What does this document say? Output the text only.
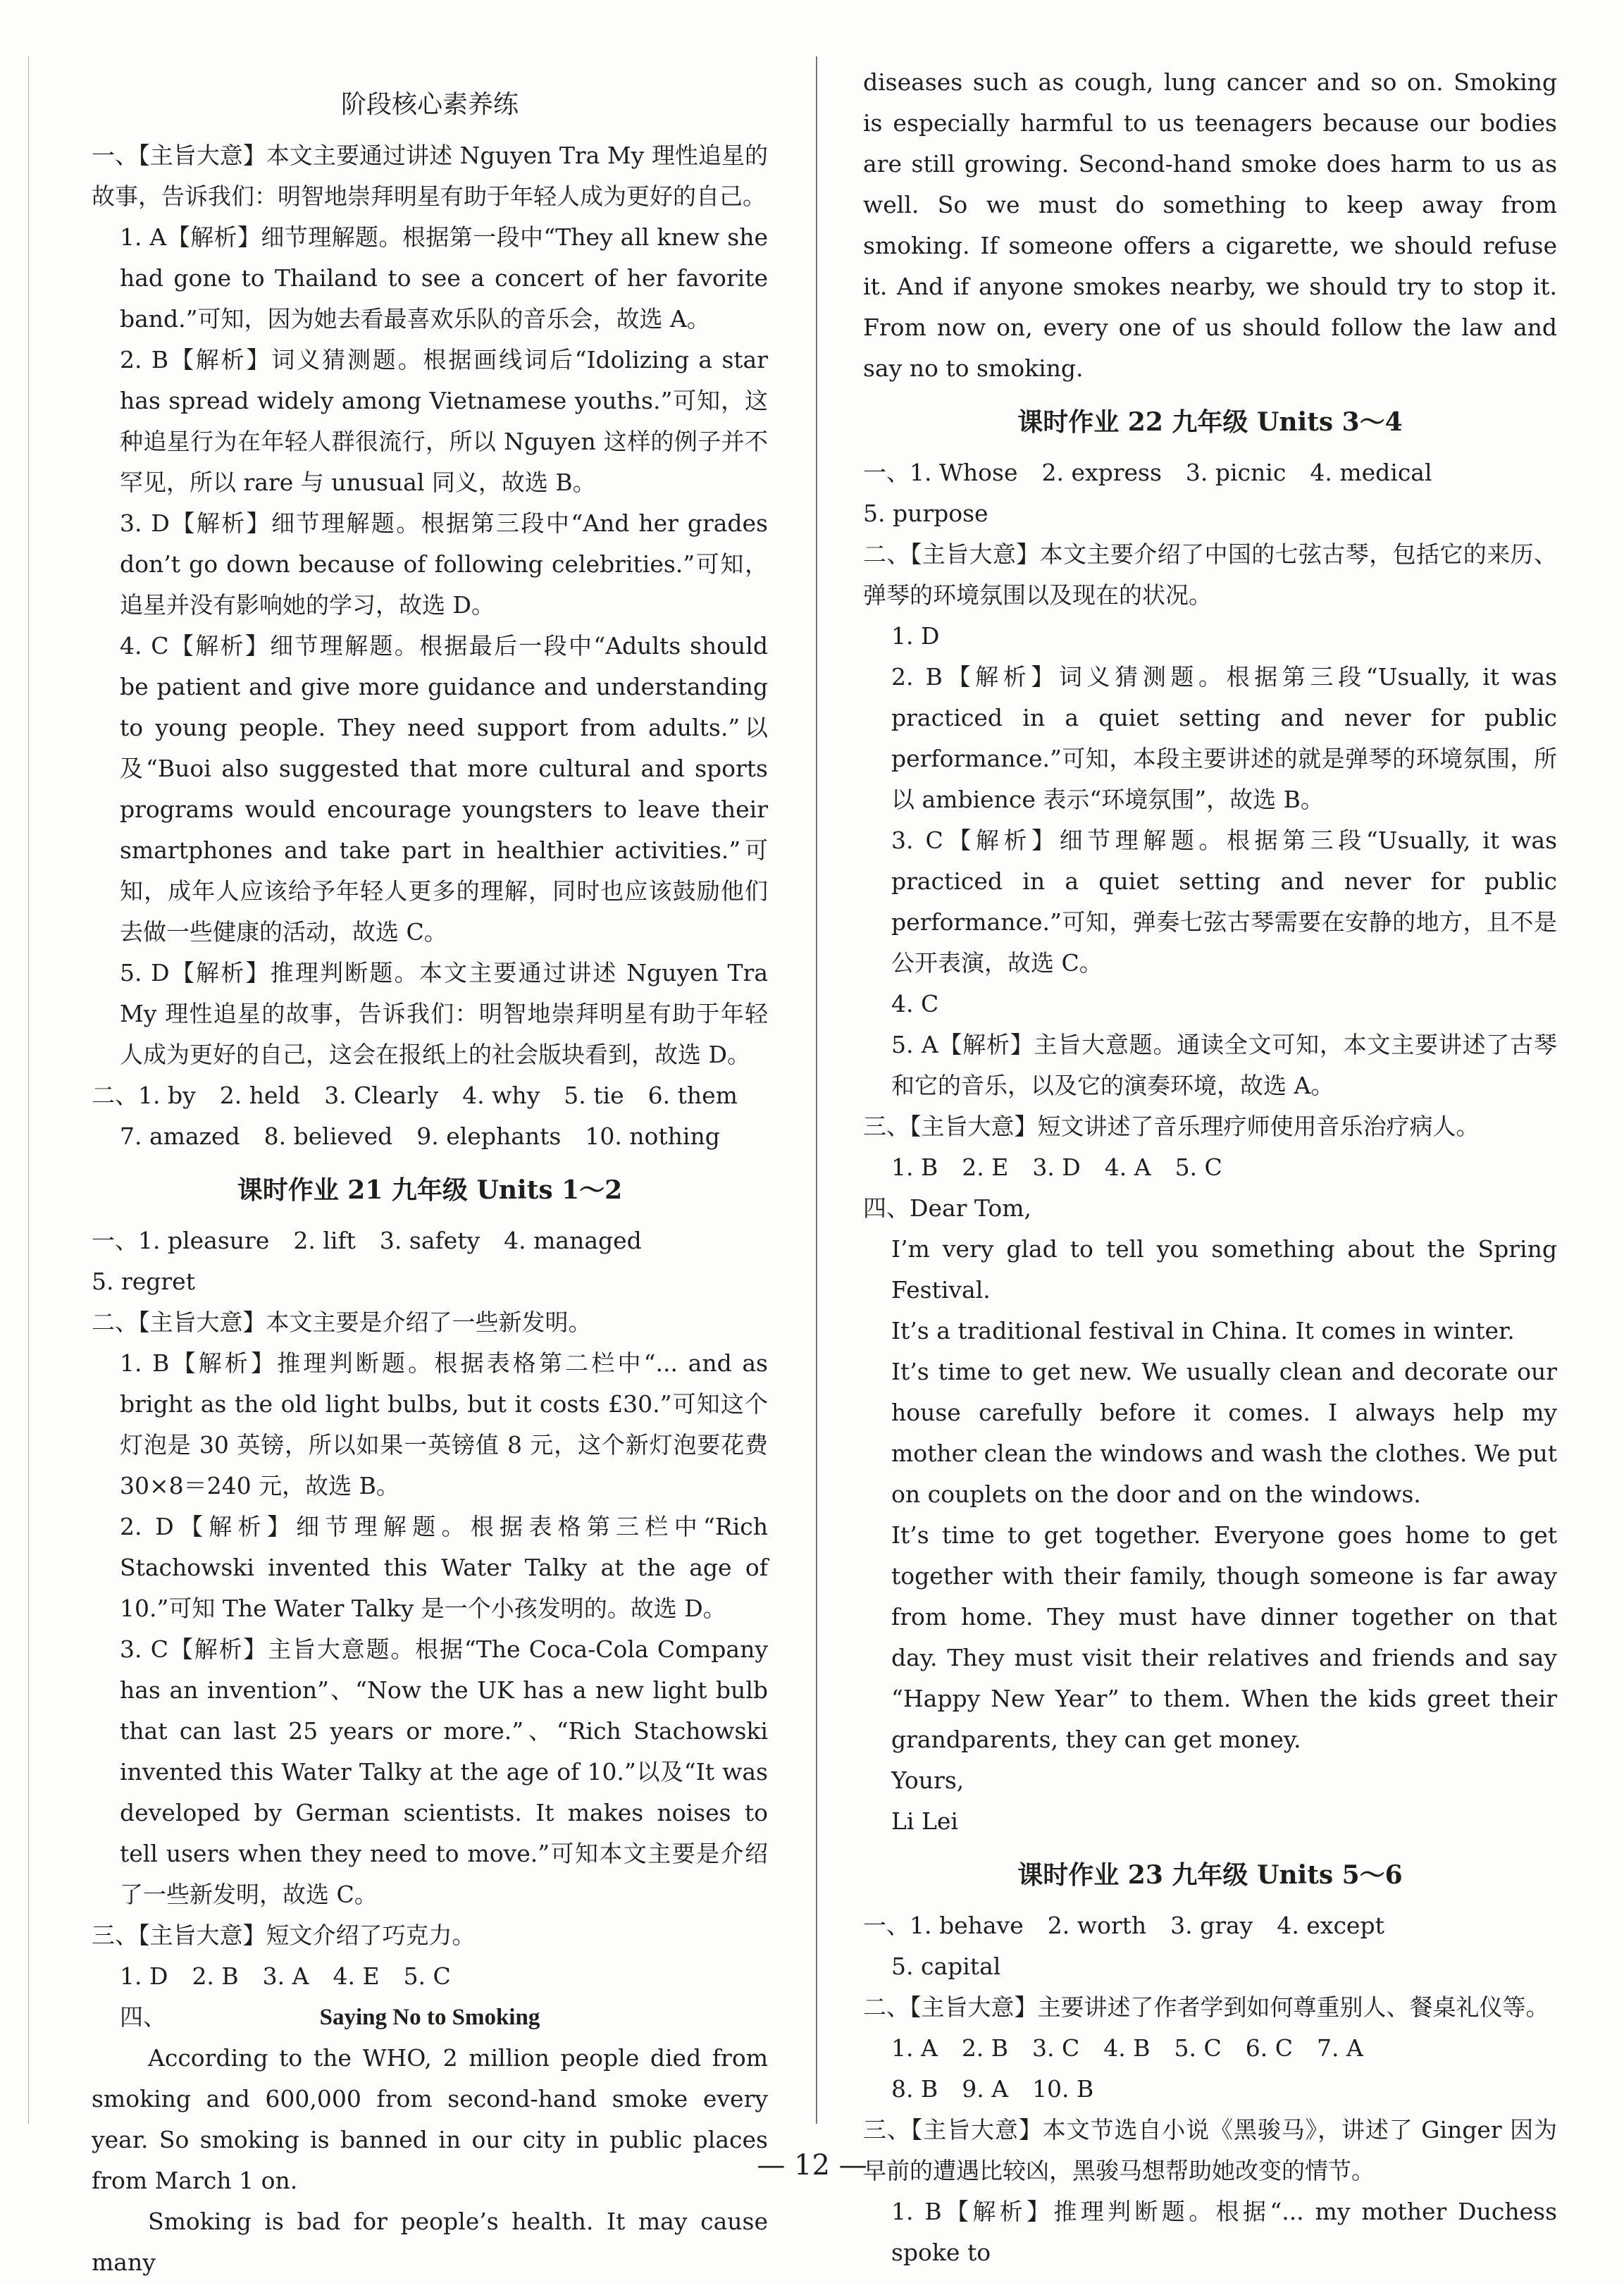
阶段核心素养练

一、【主旨大意】本文主要通过讲述 Nguyen Tra My 理性追星的故事，告诉我们：明智地崇拜明星有助于年轻人成为更好的自己。

1. A【解析】细节理解题。根据第一段中“They all knew she had gone to Thailand to see a concert of her favorite band.”可知，因为她去看最喜欢乐队的音乐会，故选 A。

2. B【解析】词义猜测题。根据画线词后“Idolizing a star has spread widely among Vietnamese youths.”可知，这种追星行为在年轻人群很流行，所以 Nguyen 这样的例子并不罕见，所以 rare 与 unusual 同义，故选 B。

3. D【解析】细节理解题。根据第三段中“And her grades don’t go down because of following celebrities.”可知，追星并没有影响她的学习，故选 D。

4. C【解析】细节理解题。根据最后一段中“Adults should be patient and give more guidance and understanding to young people. They need support from adults.”以及“Buoi also suggested that more cultural and sports programs would encourage youngsters to leave their smartphones and take part in healthier activities.”可知，成年人应该给予年轻人更多的理解，同时也应该鼓励他们去做一些健康的活动，故选 C。

5. D【解析】推理判断题。本文主要通过讲述 Nguyen Tra My 理性追星的故事，告诉我们：明智地崇拜明星有助于年轻人成为更好的自己，这会在报纸上的社会版块看到，故选 D。

二、 1. by 2. held 3. Clearly 4. why 5. tie 6. them
7. amazed 8. believed 9. elephants 10. nothing
课时作业 21 九年级 Units 1～2
一、 1. pleasure 2. lift 3. safety 4. managed
5. regret

二、【主旨大意】本文主要是介绍了一些新发明。

1. B【解析】推理判断题。根据表格第二栏中“... and as bright as the old light bulbs, but it costs £30.”可知这个灯泡是 30 英镑，所以如果一英镑值 8 元，这个新灯泡要花费 30×8＝240 元，故选 B。

2. D【解析】细节理解题。根据表格第三栏中“Rich Stachowski invented this Water Talky at the age of 10.”可知 The Water Talky 是一个小孩发明的。故选 D。

3. C【解析】主旨大意题。根据“The Coca-Cola Company has an invention”、“Now the UK has a new light bulb that can last 25 years or more.”、“Rich Stachowski invented this Water Talky at the age of 10.”以及“It was developed by German scientists. It makes noises to tell users when they need to move.”可知本文主要是介绍了一些新发明，故选 C。

三、【主旨大意】短文介绍了巧克力。

1. D 2. B 3. A 4. E 5. C
四、	Saying No to Smoking

According to the WHO, 2 million people died from smoking and 600,000 from second-hand smoke every year. So smoking is banned in our city in public places from March 1 on.

Smoking is bad for people’s health. It may cause many

diseases such as cough, lung cancer and so on. Smoking is especially harmful to us teenagers because our bodies are still growing. Second-hand smoke does harm to us as well. So we must do something to keep away from smoking. If someone offers a cigarette, we should refuse it. And if anyone smokes nearby, we should try to stop it. From now on, every one of us should follow the law and say no to smoking.

课时作业 22 九年级 Units 3～4
一、 1. Whose 2. express 3. picnic 4. medical
5. purpose

二、【主旨大意】本文主要介绍了中国的七弦古琴，包括它的来历、弹琴的环境氛围以及现在的状况。

1. D

2. B【解析】词义猜测题。根据第三段“Usually, it was practiced in a quiet setting and never for public performance.”可知，本段主要讲述的就是弹琴的环境氛围，所以 ambience 表示“环境氛围”，故选 B。

3. C【解析】细节理解题。根据第三段“Usually, it was practiced in a quiet setting and never for public performance.”可知，弹奏七弦古琴需要在安静的地方，且不是公开表演，故选 C。

4. C

5. A【解析】主旨大意题。通读全文可知，本文主要讲述了古琴和它的音乐，以及它的演奏环境，故选 A。

三、【主旨大意】短文讲述了音乐理疗师使用音乐治疗病人。

1. B 2. E 3. D 4. A 5. C

四、Dear Tom,

I’m very glad to tell you something about the Spring Festival.

It’s a traditional festival in China. It comes in winter.

It’s time to get new. We usually clean and decorate our house carefully before it comes. I always help my mother clean the windows and wash the clothes. We put on couplets on the door and on the windows.

It’s time to get together. Everyone goes home to get together with their family, though someone is far away from home. They must have dinner together on that day. They must visit their relatives and friends and say “Happy New Year” to them. When the kids greet their grandparents, they can get money.

Yours,

Li Lei

课时作业 23 九年级 Units 5～6
一、 1. behave 2. worth 3. gray 4. except

5. capital

二、【主旨大意】主要讲述了作者学到如何尊重别人、餐桌礼仪等。

1. A 2. B 3. C 4. B 5. C 6. C 7. A
8. B 9. A 10. B

三、【主旨大意】本文节选自小说《黑骏马》，讲述了 Ginger 因为早前的遭遇比较凶，黑骏马想帮助她改变的情节。

1. B【解析】推理判断题。根据“... my mother Duchess spoke to

— 12 —
